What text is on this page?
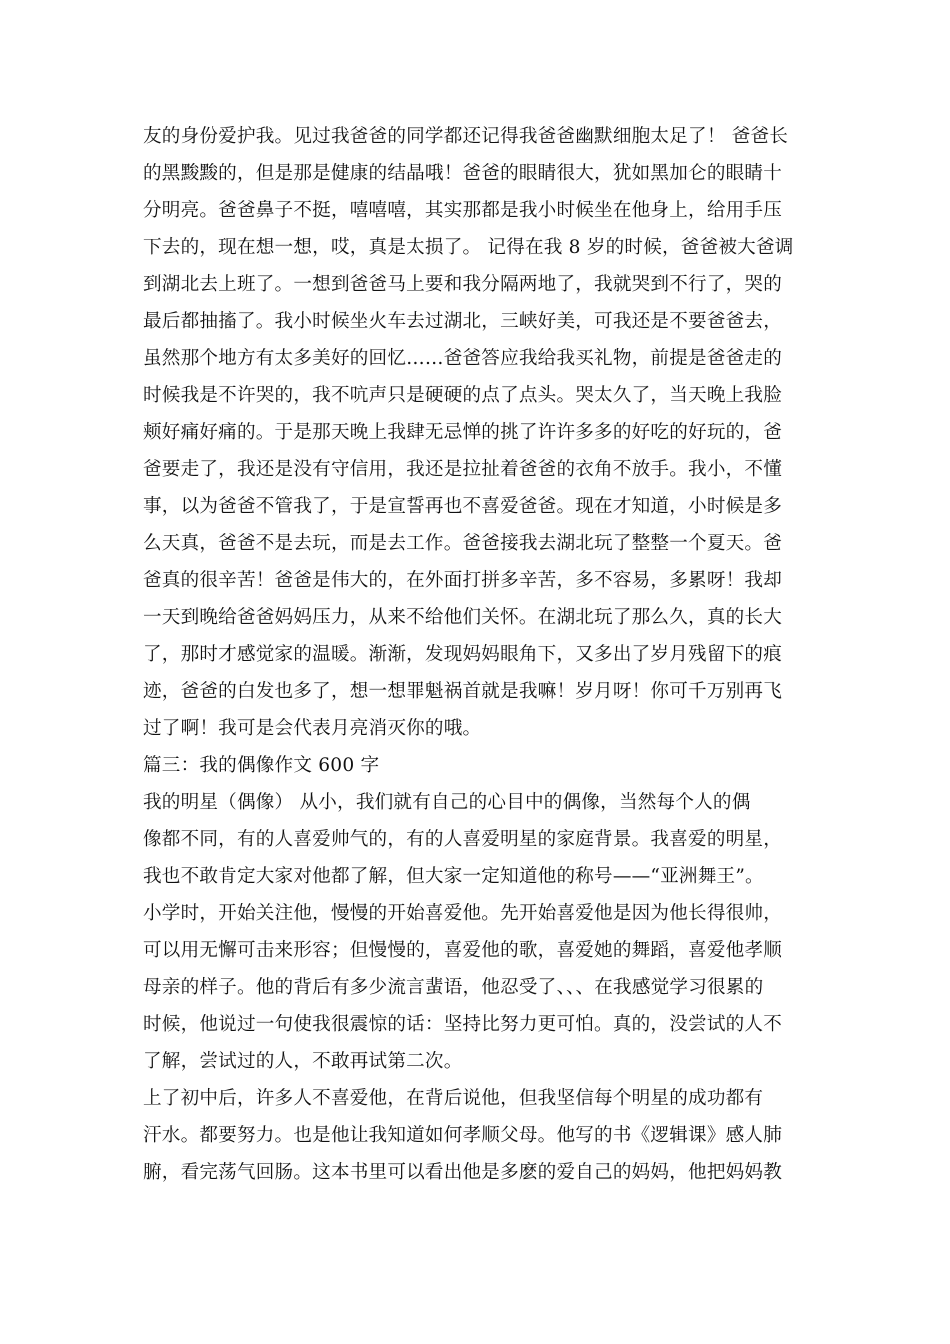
友的身份爱护我。见过我爸爸的同学都还记得我爸爸幽默细胞太足了！ 爸爸长
的黑黢黢的，但是那是健康的结晶哦！爸爸的眼睛很大，犹如黑加仑的眼睛十
分明亮。爸爸鼻子不挺，嘻嘻嘻，其实那都是我小时候坐在他身上，给用手压
下去的，现在想一想，哎，真是太损了。 记得在我 8 岁的时候，爸爸被大爸调
到湖北去上班了。一想到爸爸马上要和我分隔两地了，我就哭到不行了，哭的
最后都抽搐了。我小时候坐火车去过湖北，三峡好美，可我还是不要爸爸去，
虽然那个地方有太多美好的回忆……爸爸答应我给我买礼物，前提是爸爸走的
时候我是不许哭的，我不吭声只是硬硬的点了点头。哭太久了，当天晚上我脸
颊好痛好痛的。于是那天晚上我肆无忌惮的挑了许许多多的好吃的好玩的，爸
爸要走了，我还是没有守信用，我还是拉扯着爸爸的衣角不放手。我小，不懂
事，以为爸爸不管我了，于是宣誓再也不喜爱爸爸。现在才知道，小时候是多
么天真，爸爸不是去玩，而是去工作。爸爸接我去湖北玩了整整一个夏天。爸
爸真的很辛苦！爸爸是伟大的，在外面打拼多辛苦，多不容易，多累呀！我却
一天到晚给爸爸妈妈压力，从来不给他们关怀。在湖北玩了那么久，真的长大
了，那时才感觉家的温暖。渐渐，发现妈妈眼角下，又多出了岁月残留下的痕
迹，爸爸的白发也多了，想一想罪魁祸首就是我嘛！岁月呀！你可千万别再飞
过了啊！我可是会代表月亮消灭你的哦。
篇三：我的偶像作文 600 字
我的明星（偶像） 从小，我们就有自己的心目中的偶像，当然每个人的偶
像都不同，有的人喜爱帅气的，有的人喜爱明星的家庭背景。我喜爱的明星，
我也不敢肯定大家对他都了解，但大家一定知道他的称号——“亚洲舞王”。
小学时，开始关注他，慢慢的开始喜爱他。先开始喜爱他是因为他长得很帅，
可以用无懈可击来形容；但慢慢的，喜爱他的歌，喜爱她的舞蹈，喜爱他孝顺
母亲的样子。他的背后有多少流言蜚语，他忍受了、、、在我感觉学习很累的
时候，他说过一句使我很震惊的话：坚持比努力更可怕。真的，没尝试的人不
了解，尝试过的人，不敢再试第二次。
上了初中后，许多人不喜爱他，在背后说他，但我坚信每个明星的成功都有
汗水。都要努力。也是他让我知道如何孝顺父母。他写的书《逻辑课》感人肺
腑，看完荡气回肠。这本书里可以看出他是多麽的爱自己的妈妈，他把妈妈教
